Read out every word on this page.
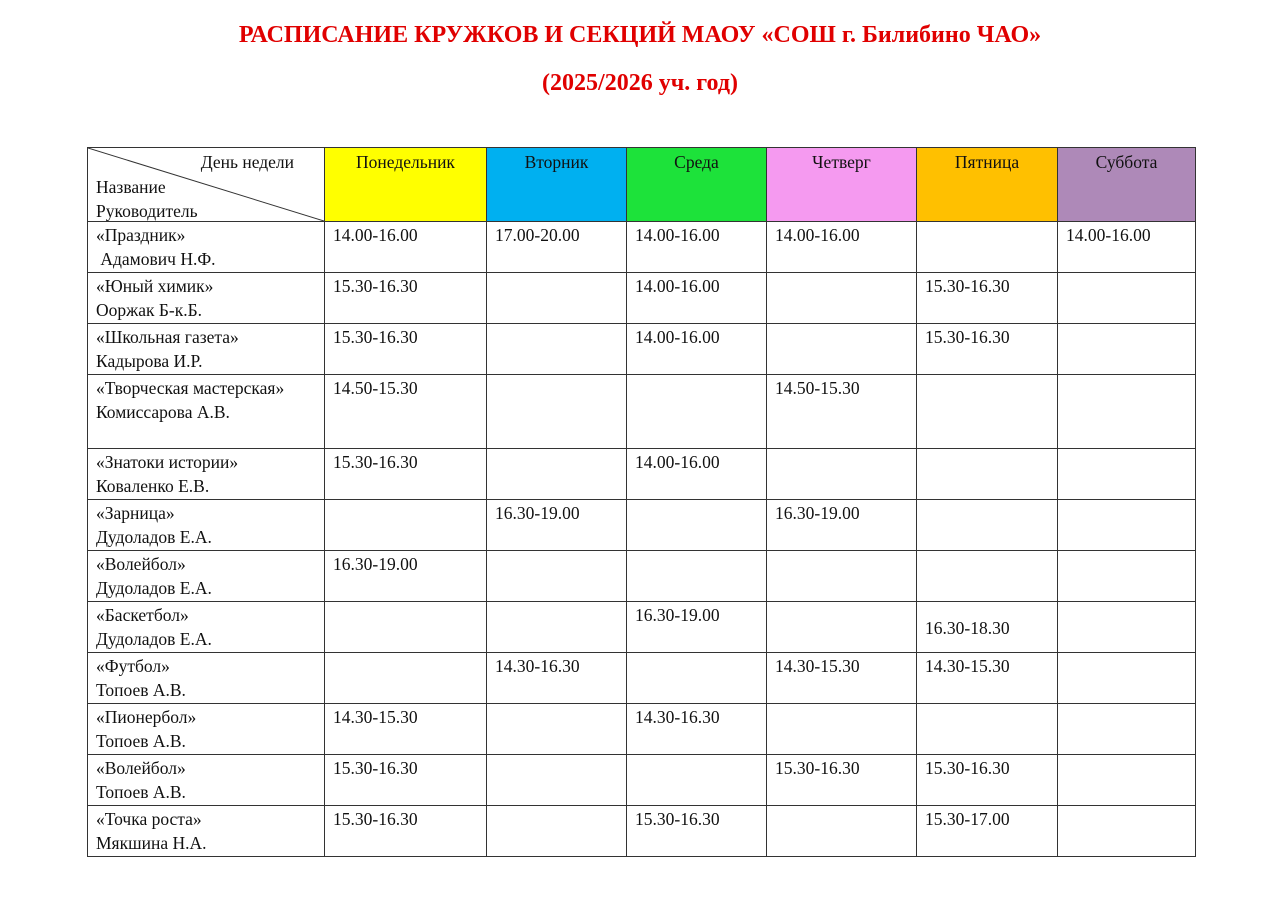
РАСПИСАНИЕ КРУЖКОВ И СЕКЦИЙ МАОУ «СОШ г. Билибино ЧАО»
(2025/2026 уч. год)
День недели
Название
Руководитель	Понедельник	Вторник	Среда	Четверг	Пятница	Суббота

«Праздник»
Адамович Н.Ф.	14.00-16.00	17.00-20.00	14.00-16.00	14.00-16.00		14.00-16.00

«Юный химик»
Ооржак Б-к.Б.	15.30-16.30		14.00-16.00		15.30-16.30	

«Школьная газета»
Кадырова И.Р.	15.30-16.30		14.00-16.00		15.30-16.30	

«Творческая мастерская»
Комиссарова А.В.	14.50-15.30			14.50-15.30		

«Знатоки истории»
Коваленко Е.В.	15.30-16.30		14.00-16.00			

«Зарница»
Дудоладов Е.А.		16.30-19.00		16.30-19.00		

«Волейбол»
Дудоладов Е.А.	16.30-19.00					

«Баскетбол»
Дудоладов Е.А.			16.30-19.00		16.30-18.30	

«Футбол»
Топоев А.В.		14.30-16.30		14.30-15.30	14.30-15.30	

«Пионербол»
Топоев А.В.	14.30-15.30		14.30-16.30			

«Волейбол»
Топоев А.В.	15.30-16.30			15.30-16.30	15.30-16.30	

«Точка роста»
Мякшина Н.А.	15.30-16.30		15.30-16.30		15.30-17.00	
